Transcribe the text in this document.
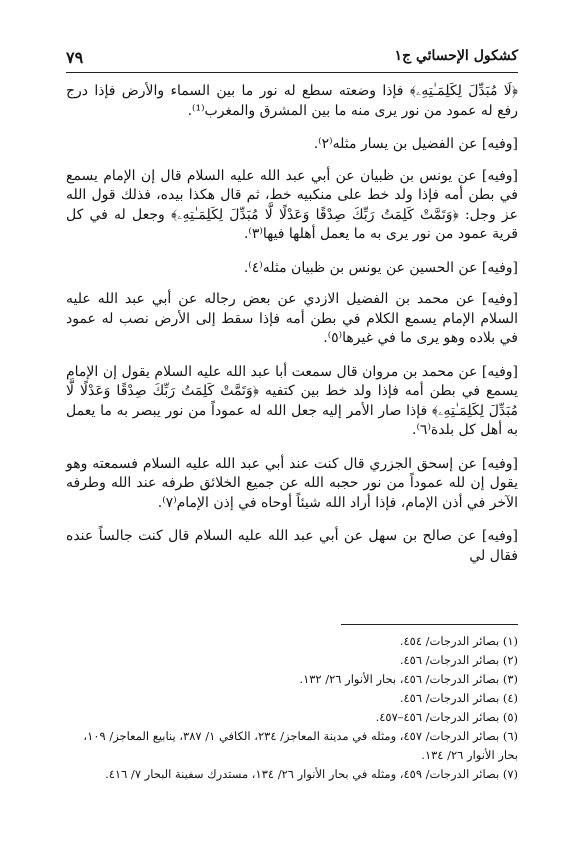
كشكول الإحسائي ج١
٧٩

﴿لَا مُبَدِّلَ لِكَلِمَـٰتِهِۦ﴾ فإذا وضعته سطع له نور ما بين السماء والأرض فإذا درج رفع له عمود من نور يرى منه ما بين المشرق والمغرب⁽¹⁾.

[وفيه] عن الفضيل بن يسار مثله⁽٢⁾.

[وفيه] عن يونس بن ظبيان عن أبي عبد الله عليه السلام قال إن الإمام يسمع في بطن أمه فإذا ولد خط على منكبيه خط، ثم قال هكذا بيده، فذلك قول الله عز وجل: ﴿وَتَمَّتْ كَلِمَتُ رَبِّكَ صِدْقًا وَعَدْلًا لَّا مُبَدِّلَ لِكَلِمَـٰتِهِۦ﴾ وجعل له في كل قرية عمود من نور يرى به ما يعمل أهلها فيها⁽٣⁾.

[وفيه] عن الحسين عن يونس بن ظبيان مثله⁽٤⁾.

[وفيه] عن محمد بن الفضيل الازدي عن بعض رجاله عن أبي عبد الله عليه السلام الإمام يسمع الكلام في بطن أمه فإذا سقط إلى الأرض نصب له عمود في بلاده وهو يرى ما في غيرها⁽٥⁾.

[وفيه] عن محمد بن مروان قال سمعت أبا عبد الله عليه السلام يقول إن الإمام يسمع في بطن أمه فإذا ولد خط بين كتفيه ﴿وَتَمَّتْ كَلِمَتُ رَبِّكَ صِدْقًا وَعَدْلًا لَّا مُبَدِّلَ لِكَلِمَـٰتِهِۦ﴾ فإذا صار الأمر إليه جعل الله له عموداً من نور يبصر به ما يعمل به أهل كل بلدة⁽٦⁾.

[وفيه] عن إسحق الجزري قال كنت عند أبي عبد الله عليه السلام فسمعته وهو يقول إن لله عموداً من نور حجبه الله عن جميع الخلائق طرفه عند الله وطرفه الآخر في أذن الإمام، فإذا أراد الله شيئاً أوحاه في إذن الإمام⁽٧⁾.

[وفيه] عن صالح بن سهل عن أبي عبد الله عليه السلام قال كنت جالساً عنده فقال لي

(١) بصائر الدرجات/ ٤٥٤.

(٢) بصائر الدرجات/ ٤٥٦.

(٣) بصائر الدرجات/ ٤٥٦، بحار الأنوار ٢٦/ ١٣٢.

(٤) بصائر الدرجات/ ٤٥٦.

(٥) بصائر الدرجات/ ٤٥٦–٤٥٧.

(٦) بصائر الدرجات/ ٤٥٧، ومثله في مدينة المعاجز/ ٢٣٤، الكافي ١/ ٣٨٧، ينابيع المعاجز/ ١٠٩، بحار الأنوار ٢٦/ ١٣٤.

(٧) بصائر الدرجات/ ٤٥٩، ومثله في بحار الأنوار ٢٦/ ١٣٤، مستدرك سفينة البحار ٧/ ٤١٦.
